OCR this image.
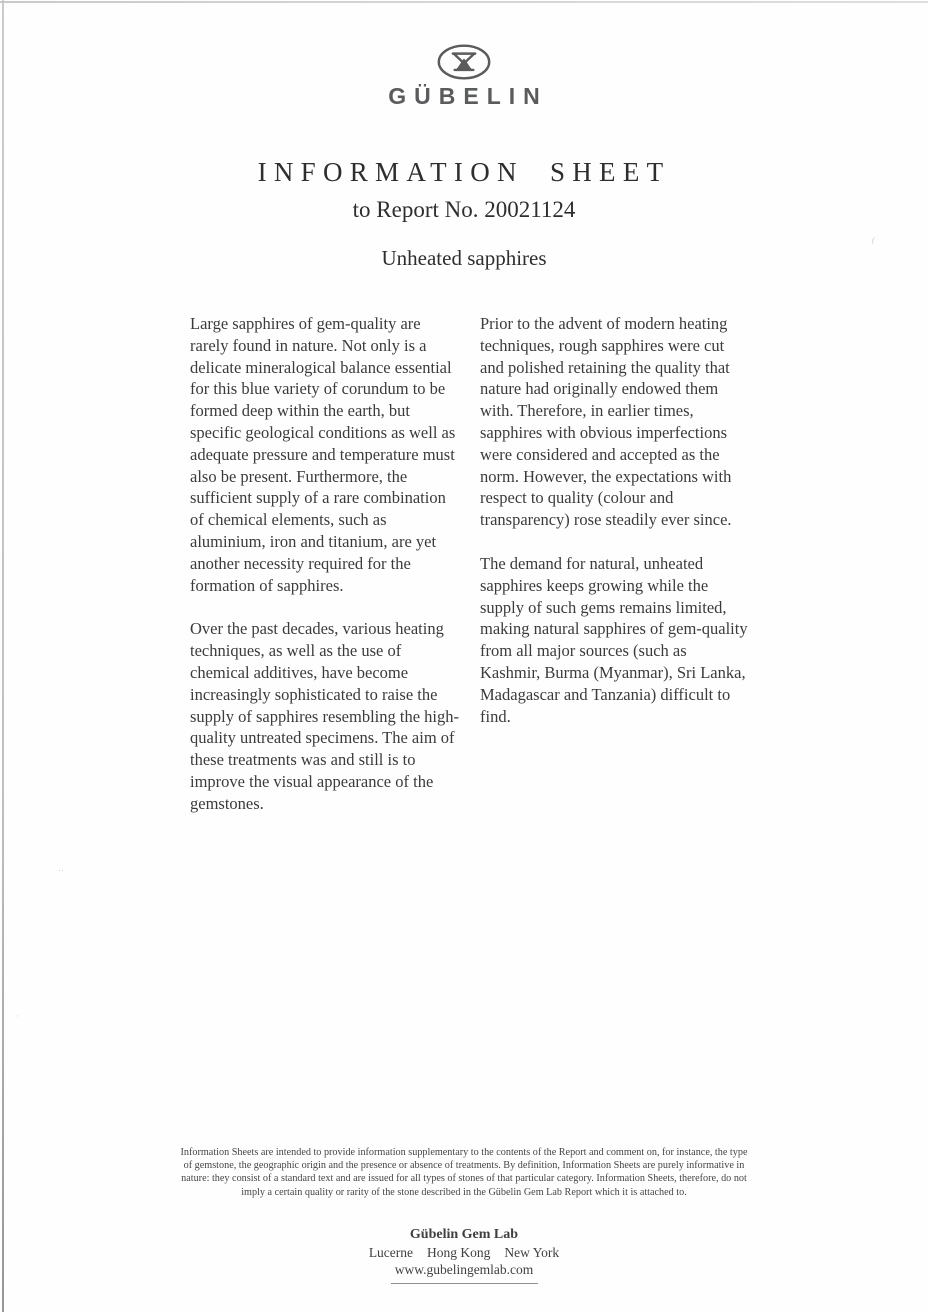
‥
(
·
GÜBELIN
INFORMATION SHEET
to Report No. 20021124
Unheated sapphires

Large sapphires of gem-quality are rarely found in nature. Not only is a delicate mineralogical balance essential for this blue variety of corundum to be formed deep within the earth, but specific geological conditions as well as adequate pressure and temperature must also be present. Furthermore, the sufficient supply of a rare combination of chemical elements, such as aluminium, iron and titanium, are yet another necessity required for the formation of sapphires.

Over the past decades, various heating techniques, as well as the use of chemical additives, have become increasingly sophisticated to raise the supply of sapphires resembling the high-quality untreated specimens. The aim of these treatments was and still is to improve the visual appearance of the gemstones.

Prior to the advent of modern heating techniques, rough sapphires were cut and polished retaining the quality that nature had originally endowed them with. Therefore, in earlier times, sapphires with obvious imperfections were considered and accepted as the norm. However, the expectations with respect to quality (colour and transparency) rose steadily ever since.

The demand for natural, unheated sapphires keeps growing while the supply of such gems remains limited, making natural sapphires of gem-quality from all major sources (such as Kashmir, Burma (Myanmar), Sri Lanka, Madagascar and Tanzania) difficult to find.

Information Sheets are intended to provide information supplementary to the contents of the Report and comment on, for instance, the type of gemstone, the geographic origin and the presence or absence of treatments. By definition, Information Sheets are purely informative in nature: they consist of a standard text and are issued for all types of stones of that particular category. Information Sheets, therefore, do not imply a certain quality or rarity of the stone described in the Gübelin Gem Lab Report which it is attached to.
Gübelin Gem Lab
Lucerne Hong Kong New York
www.gubelingemlab.com
